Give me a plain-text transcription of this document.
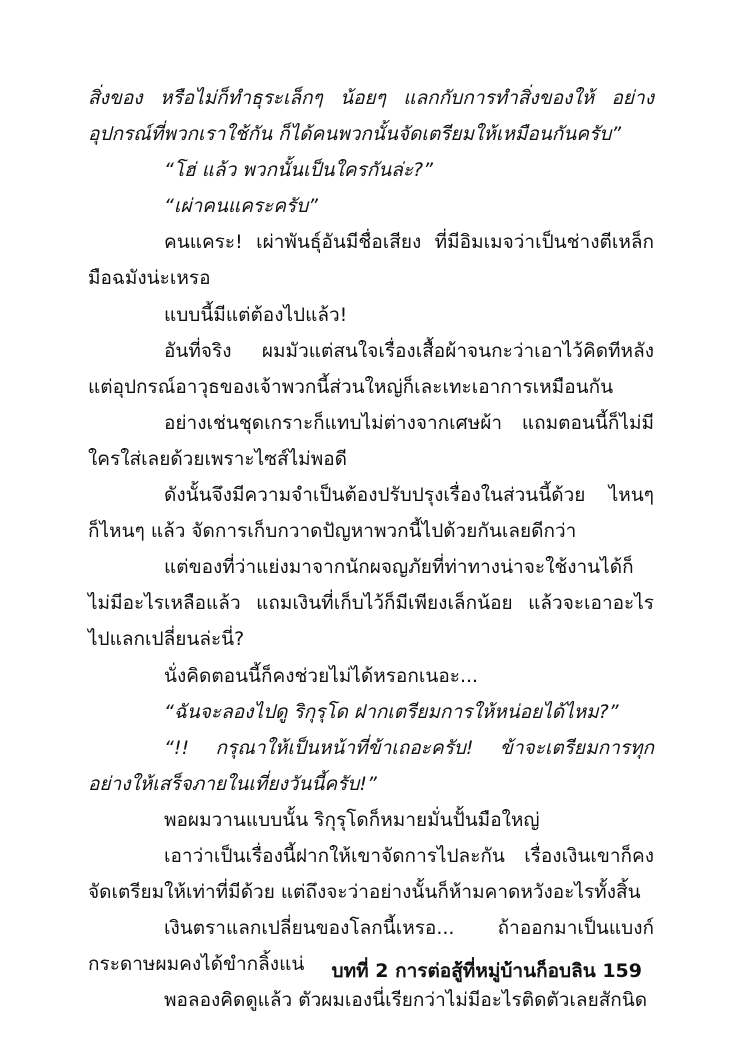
สิ่งของ หรือไม่ก็ทำธุระเล็กๆ น้อยๆ แลกกับการทำสิ่งของให้ อย่างอุปกรณ์ที่พวกเราใช้กัน ก็ได้คนพวกนั้นจัดเตรียมให้เหมือนกันครับ”

“โฮ่ แล้ว พวกนั้นเป็นใครกันล่ะ?”

“เผ่าคนแคระครับ”

คนแคระ! เผ่าพันธุ์อันมีชื่อเสียง ที่มีอิมเมจว่าเป็นช่างตีเหล็กมือฉมังน่ะเหรอ

แบบนี้มีแต่ต้องไปแล้ว!

อันที่จริง ผมมัวแต่สนใจเรื่องเสื้อผ้าจนกะว่าเอาไว้คิดทีหลัง แต่อุปกรณ์อาวุธของเจ้าพวกนี้ส่วนใหญ่ก็เละเทะเอาการเหมือนกัน

อย่างเช่นชุดเกราะก็แทบไม่ต่างจากเศษผ้า แถมตอนนี้ก็ไม่มีใครใส่เลยด้วยเพราะไซส์ไม่พอดี

ดังนั้นจึงมีความจำเป็นต้องปรับปรุงเรื่องในส่วนนี้ด้วย ไหนๆ ก็ไหนๆ แล้ว จัดการเก็บกวาดปัญหาพวกนี้ไปด้วยกันเลยดีกว่า

แต่ของที่ว่าแย่งมาจากนักผจญภัยที่ท่าทางน่าจะใช้งานได้ก็ไม่มีอะไรเหลือแล้ว แถมเงินที่เก็บไว้ก็มีเพียงเล็กน้อย แล้วจะเอาอะไรไปแลกเปลี่ยนล่ะนี่?

นั่งคิดตอนนี้ก็คงช่วยไม่ได้หรอกเนอะ...

“ฉันจะลองไปดู ริกุรุโด ฝากเตรียมการให้หน่อยได้ไหม?”

“!! กรุณาให้เป็นหน้าที่ข้าเถอะครับ! ข้าจะเตรียมการทุกอย่างให้เสร็จภายในเที่ยงวันนี้ครับ!”

พอผมวานแบบนั้น ริกุรุโดก็หมายมั่นปั้นมือใหญ่

เอาว่าเป็นเรื่องนี้ฝากให้เขาจัดการไปละกัน เรื่องเงินเขาก็คงจัดเตรียมให้เท่าที่มีด้วย แต่ถึงจะว่าอย่างนั้นก็ห้ามคาดหวังอะไรทั้งสิ้น

เงินตราแลกเปลี่ยนของโลกนี้เหรอ... ถ้าออกมาเป็นแบงก์กระดาษผมคงได้ขำกลิ้งแน่

พอลองคิดดูแล้ว ตัวผมเองนี่เรียกว่าไม่มีอะไรติดตัวเลยสักนิด

บทที่ 2 การต่อสู้ที่หมู่บ้านก็อบลิน 159
